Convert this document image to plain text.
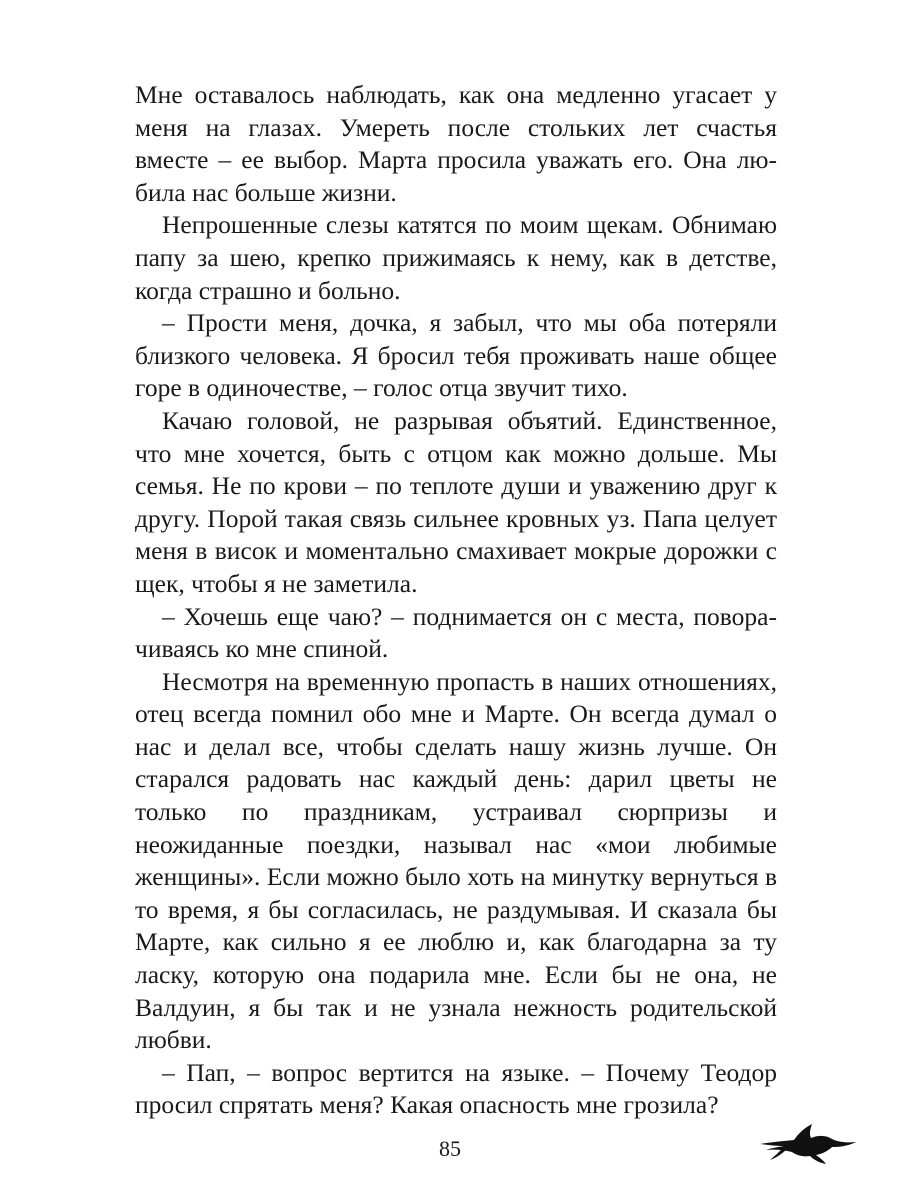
Мне оставалось наблюдать, как она медленно угасает у меня на глазах. Умереть после стольких лет счастья вместе – ее выбор. Марта просила уважать его. Она любила нас больше жизни.

Непрошенные слезы катятся по моим щекам. Обнимаю папу за шею, крепко прижимаясь к нему, как в детстве, когда страшно и больно.

– Прости меня, дочка, я забыл, что мы оба потеряли близкого человека. Я бросил тебя проживать наше общее горе в одиночестве, – голос отца звучит тихо.

Качаю головой, не разрывая объятий. Единственное, что мне хочется, быть с отцом как можно дольше. Мы семья. Не по крови – по теплоте души и уважению друг к другу. Порой такая связь сильнее кровных уз. Папа целует меня в висок и моментально смахивает мокрые дорожки с щек, чтобы я не заметила.

– Хочешь еще чаю? – поднимается он с места, поворачиваясь ко мне спиной.

Несмотря на временную пропасть в наших отношениях, отец всегда помнил обо мне и Марте. Он всегда думал о нас и делал все, чтобы сделать нашу жизнь лучше. Он старался радовать нас каждый день: дарил цветы не только по праздникам, устраивал сюрпризы и неожиданные поездки, называл нас «мои любимые женщины». Если можно было хоть на минутку вернуться в то время, я бы согласилась, не раздумывая. И сказала бы Марте, как сильно я ее люблю и, как благодарна за ту ласку, которую она подарила мне. Если бы не она, не Валдуин, я бы так и не узнала нежность родительской любви.

– Пап, – вопрос вертится на языке. – Почему Теодор просил спрятать меня? Какая опасность мне грозила?

85
